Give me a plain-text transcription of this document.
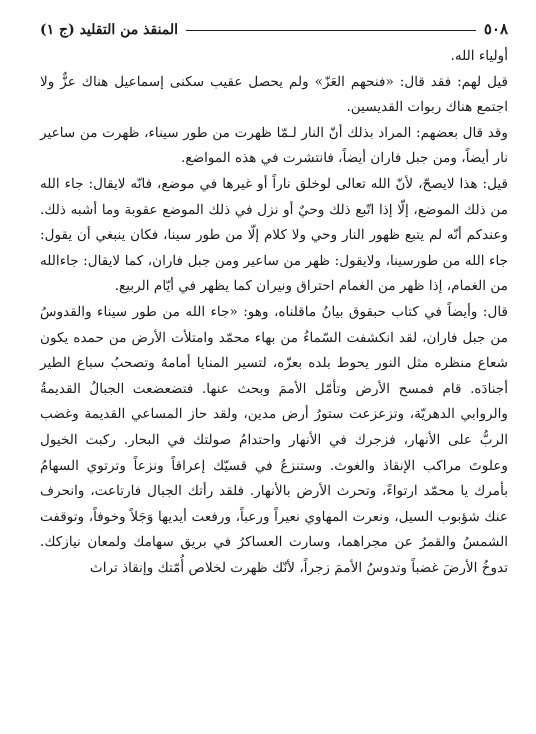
٥٠٨
المنقذ من التقليد (ج ١)

أولياء الله.

قيل لهم: فقد قال: «فنحهم العَزّ» ولم يحصل عقيب سكنى إسماعيل هناك عزٌّ ولا اجتمع هناك ربوات القديسين.

وقد قال بعضهم: المراد بذلك أنّ النار لـمّا ظهرت من طور سيناء، ظهرت من ساعير نار أيضاً، ومن جبل فاران أيضاً، فانتشرت في هذه المواضع.

قيل: هذا لايصحّ، لأنّ الله تعالى لوخلق ناراً أو غيرها في موضع، فانّه لايقال: جاء الله من ذلك الموضع، إلّا إذا اتّبع ذلك وحيٌ أو نزل في ذلك الموضع عقوبة وما أشبه ذلك. وعندكم أنّه لم يتبع ظهور النار وحي ولا كلام إلّا من طور سينا، فكان ينبغي أن يقول: جاء الله من طورسينا، ولايقول: ظهر من ساعير ومن جبل فاران، كما لايقال: جاءالله من الغمام، إذا ظهر من الغمام احتراق ونيران كما يظهر في أيّام الربيع.

قال: وأيضاً في كتاب حبقوق بيانُ ماقلناه، وهو: «جاء الله من طور سيناء والقدوسُ من جبل فاران، لقد انكشفت السّماءُ من بهاء محمّد وامتلأت الأرض من حمده يكون شعاع منظره مثل النور يحوط بلده بعزّه، لتسير المنايا أمامهُ وتصحبُ سباع الطير أجنادَه. قام فمسح الأرض وتأمّل الأممَ وبحث عنها. فتضعضعت الجبالُ القديمةُ والروابي الدهريّة، وتزعزعت ستورُ أرض مدين، ولقد حاز المساعي القديمة وغضب الربُّ على الأنهار، فزجرك في الأنهار واحتدامُ صولتك في البحار. ركبت الخيول وعلوتَ مراكب الإنقاذ والغوث. وستنزعُ في قسيّك إعراقاً ونزعاً وترتوي السهامُ بأمرك يا محمّد ارتواءً، وتحرث الأرض بالأنهار. فلقد رأتك الجبال فارتاعت، وانحرف عنك شؤبوب السيل، ونعرت المهاوي نعيراً ورعباً، ورفعت أيديها وَجَلاً وخوفاً، وتوقفت الشمسُ والقمرُ عن مجراهما، وسارت العساكرُ في بريق سهامك ولمعان نيازكك. تدوخُ الأرضَ غضباً وتدوسُ الأممَ زجراً، لأنّك ظهرت لخلاص أُمّتك وإنقاذ تراث
